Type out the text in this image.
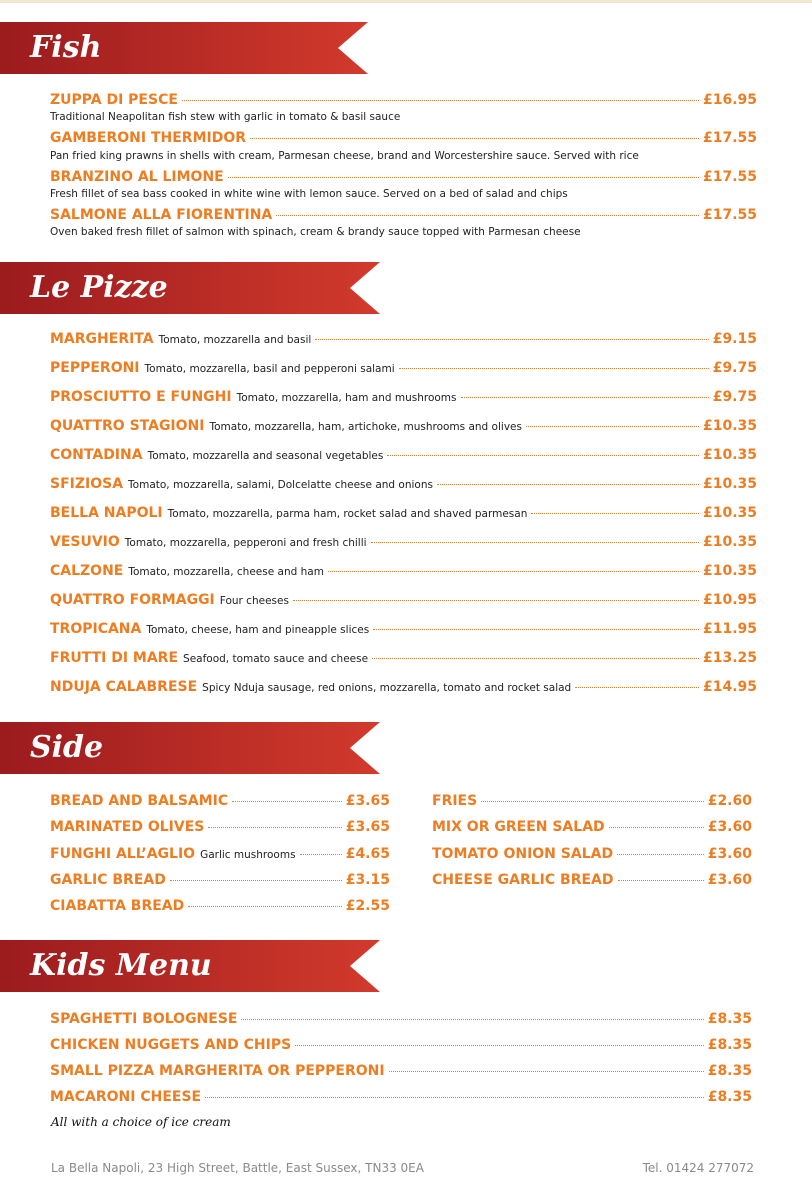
Fish
ZUPPA DI PESCE	£16.95
Traditional Neapolitan fish stew with garlic in tomato & basil sauce
GAMBERONI THERMIDOR	£17.55
Pan fried king prawns in shells with cream, Parmesan cheese, brand and Worcestershire sauce. Served with rice
BRANZINO AL LIMONE	£17.55
Fresh fillet of sea bass cooked in white wine with lemon sauce. Served on a bed of salad and chips
SALMONE ALLA FIORENTINA	£17.55
Oven baked fresh fillet of salmon with spinach, cream & brandy sauce topped with Parmesan cheese
Le Pizze
MARGHERITA Tomato, mozzarella and basil	£9.15
PEPPERONI Tomato, mozzarella, basil and pepperoni salami	£9.75
PROSCIUTTO E FUNGHI Tomato, mozzarella, ham and mushrooms	£9.75
QUATTRO STAGIONI Tomato, mozzarella, ham, artichoke, mushrooms and olives	£10.35
CONTADINA Tomato, mozzarella and seasonal vegetables	£10.35
SFIZIOSA Tomato, mozzarella, salami, Dolcelatte cheese and onions	£10.35
BELLA NAPOLI Tomato, mozzarella, parma ham, rocket salad and shaved parmesan	£10.35
VESUVIO Tomato, mozzarella, pepperoni and fresh chilli	£10.35
CALZONE Tomato, mozzarella, cheese and ham	£10.35
QUATTRO FORMAGGI Four cheeses	£10.95
TROPICANA Tomato, cheese, ham and pineapple slices	£11.95
FRUTTI DI MARE Seafood, tomato sauce and cheese	£13.25
NDUJA CALABRESE Spicy Nduja sausage, red onions, mozzarella, tomato and rocket salad	£14.95
Side
BREAD AND BALSAMIC	£3.65
MARINATED OLIVES	£3.65
FUNGHI ALL’AGLIO Garlic mushrooms	£4.65
GARLIC BREAD	£3.15
CIABATTA BREAD	£2.55
FRIES	£2.60
MIX OR GREEN SALAD	£3.60
TOMATO ONION SALAD	£3.60
CHEESE GARLIC BREAD	£3.60
Kids Menu
SPAGHETTI BOLOGNESE	£8.35
CHICKEN NUGGETS AND CHIPS	£8.35
SMALL PIZZA MARGHERITA OR PEPPERONI	£8.35
MACARONI CHEESE	£8.35
All with a choice of ice cream
La Bella Napoli, 23 High Street, Battle, East Sussex, TN33 0EA	Tel. 01424 277072
